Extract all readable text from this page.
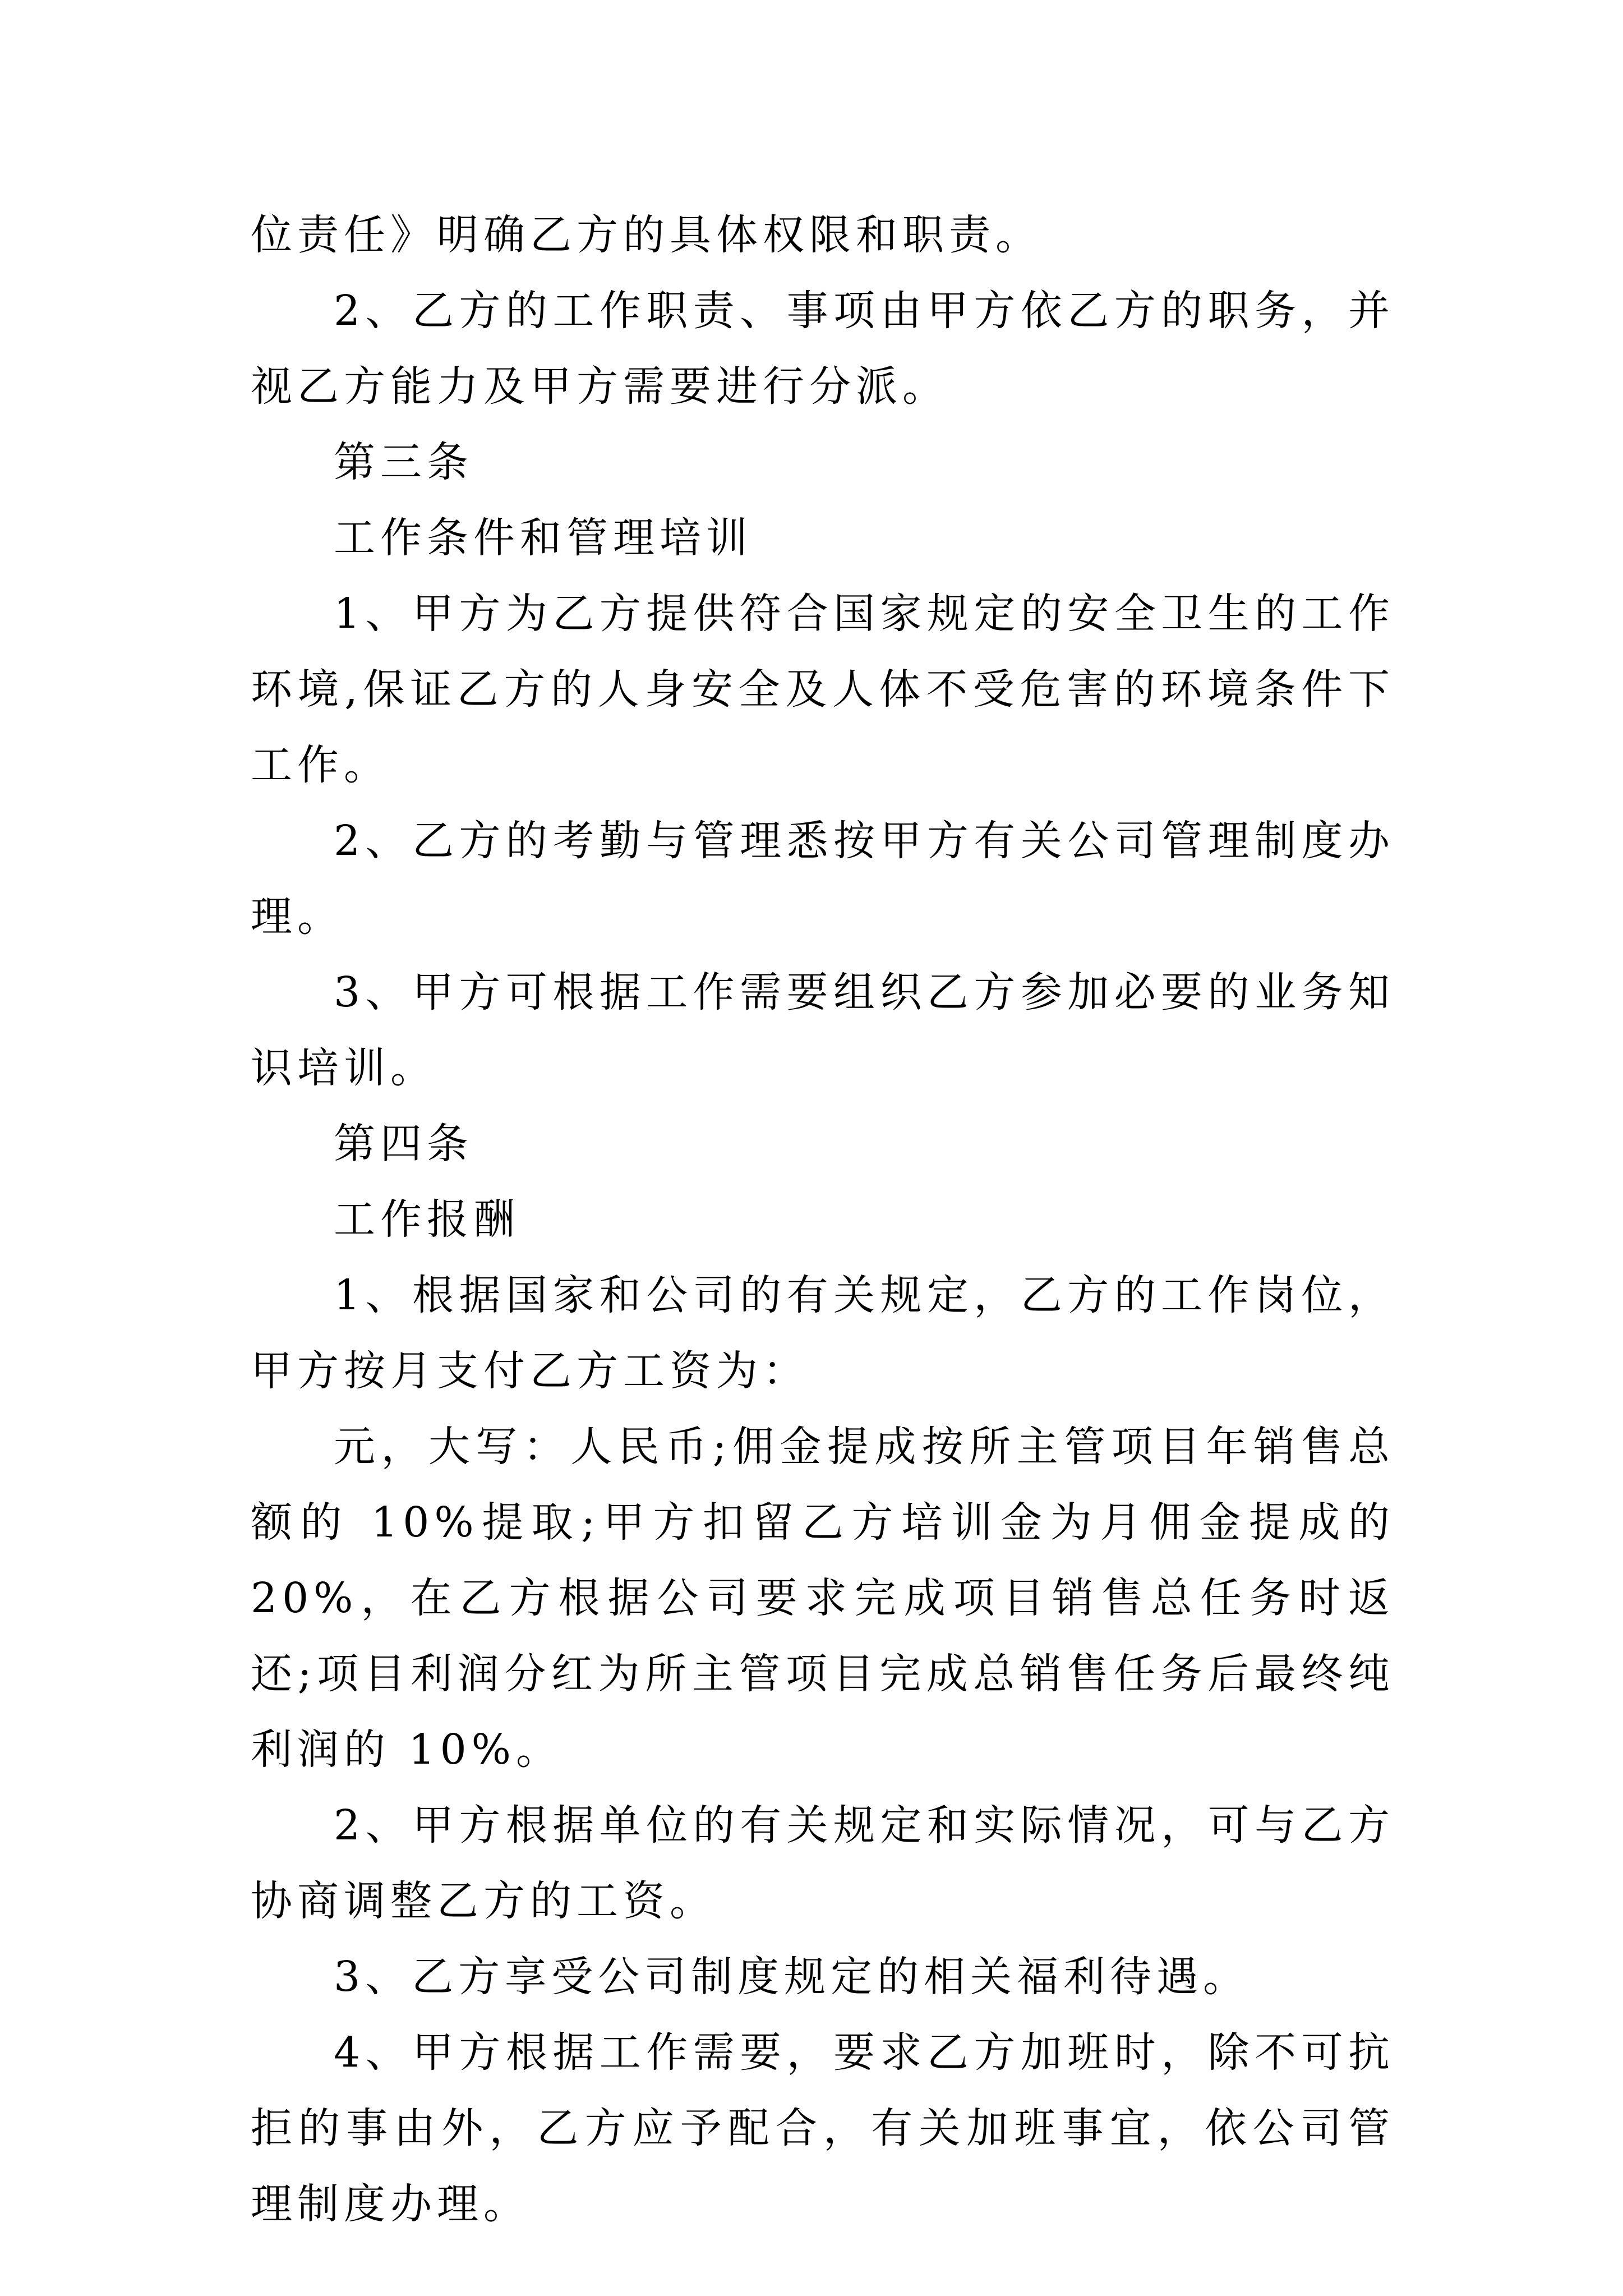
位责任》明确乙方的具体权限和职责。

2、乙方的工作职责、事项由甲方依乙方的职务，并视乙方能力及甲方需要进行分派。

第三条

工作条件和管理培训

1、甲方为乙方提供符合国家规定的安全卫生的工作环境,保证乙方的人身安全及人体不受危害的环境条件下工作。

2、乙方的考勤与管理悉按甲方有关公司管理制度办理。

3、甲方可根据工作需要组织乙方参加必要的业务知识培训。

第四条

工作报酬

1、根据国家和公司的有关规定，乙方的工作岗位，甲方按月支付乙方工资为：

元，大写：人民币;佣金提成按所主管项目年销售总额的 10%提取;甲方扣留乙方培训金为月佣金提成的 20%，在乙方根据公司要求完成项目销售总任务时返还;项目利润分红为所主管项目完成总销售任务后最终纯利润的 10%。

2、甲方根据单位的有关规定和实际情况，可与乙方协商调整乙方的工资。

3、乙方享受公司制度规定的相关福利待遇。

4、甲方根据工作需要，要求乙方加班时，除不可抗拒的事由外，乙方应予配合，有关加班事宜，依公司管理制度办理。
